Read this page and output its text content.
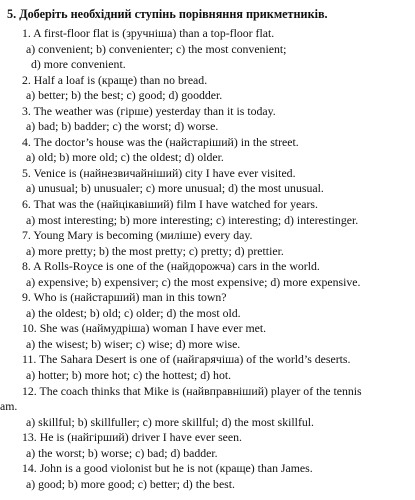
5. Доберіть необхідний ступінь порівняння прикметників.
1. A first-floor flat is (зручніша) than a top-floor flat.
a) convenient; b) convenienter; c) the most convenient;
d) more convenient.
2. Half a loaf is (краще) than no bread.
a) better; b) the best; c) good; d) goodder.
3. The weather was (гірше) yesterday than it is today.
a) bad; b) badder; c) the worst; d) worse.
4. The doctor’s house was the (найстаріший) in the street.
a) old; b) more old; c) the oldest; d) older.
5. Venice is (найнезвичайніший) city I have ever visited.
a) unusual; b) unusualer; c) more unusual; d) the most unusual.
6. That was the (найцікавіший) film I have watched for years.
a) most interesting; b) more interesting; c) interesting; d) interestinger.
7. Young Mary is becoming (миліше) every day.
a) more pretty; b) the most pretty; c) pretty; d) prettier.
8. A Rolls-Royce is one of the (найдорожча) cars in the world.
a) expensive; b) expensiver; c) the most expensive; d) more expensive.
9. Who is (найстарший) man in this town?
a) the oldest; b) old; c) older; d) the most old.
10. She was (наймудріша) woman I have ever met.
a) the wisest; b) wiser; c) wise; d) more wise.
11. The Sahara Desert is one of (найгарячіша) of the world’s deserts.
a) hotter; b) more hot; c) the hottest; d) hot.
12. The coach thinks that Mike is (найвправніший) player of the tennis
am.
a) skillful; b) skillfuller; c) more skillful; d) the most skillful.
13. He is (найгірший) driver I have ever seen.
a) the worst; b) worse; c) bad; d) badder.
14. John is a good violonist but he is not (краще) than James.
a) good; b) more good; c) better; d) the best.
